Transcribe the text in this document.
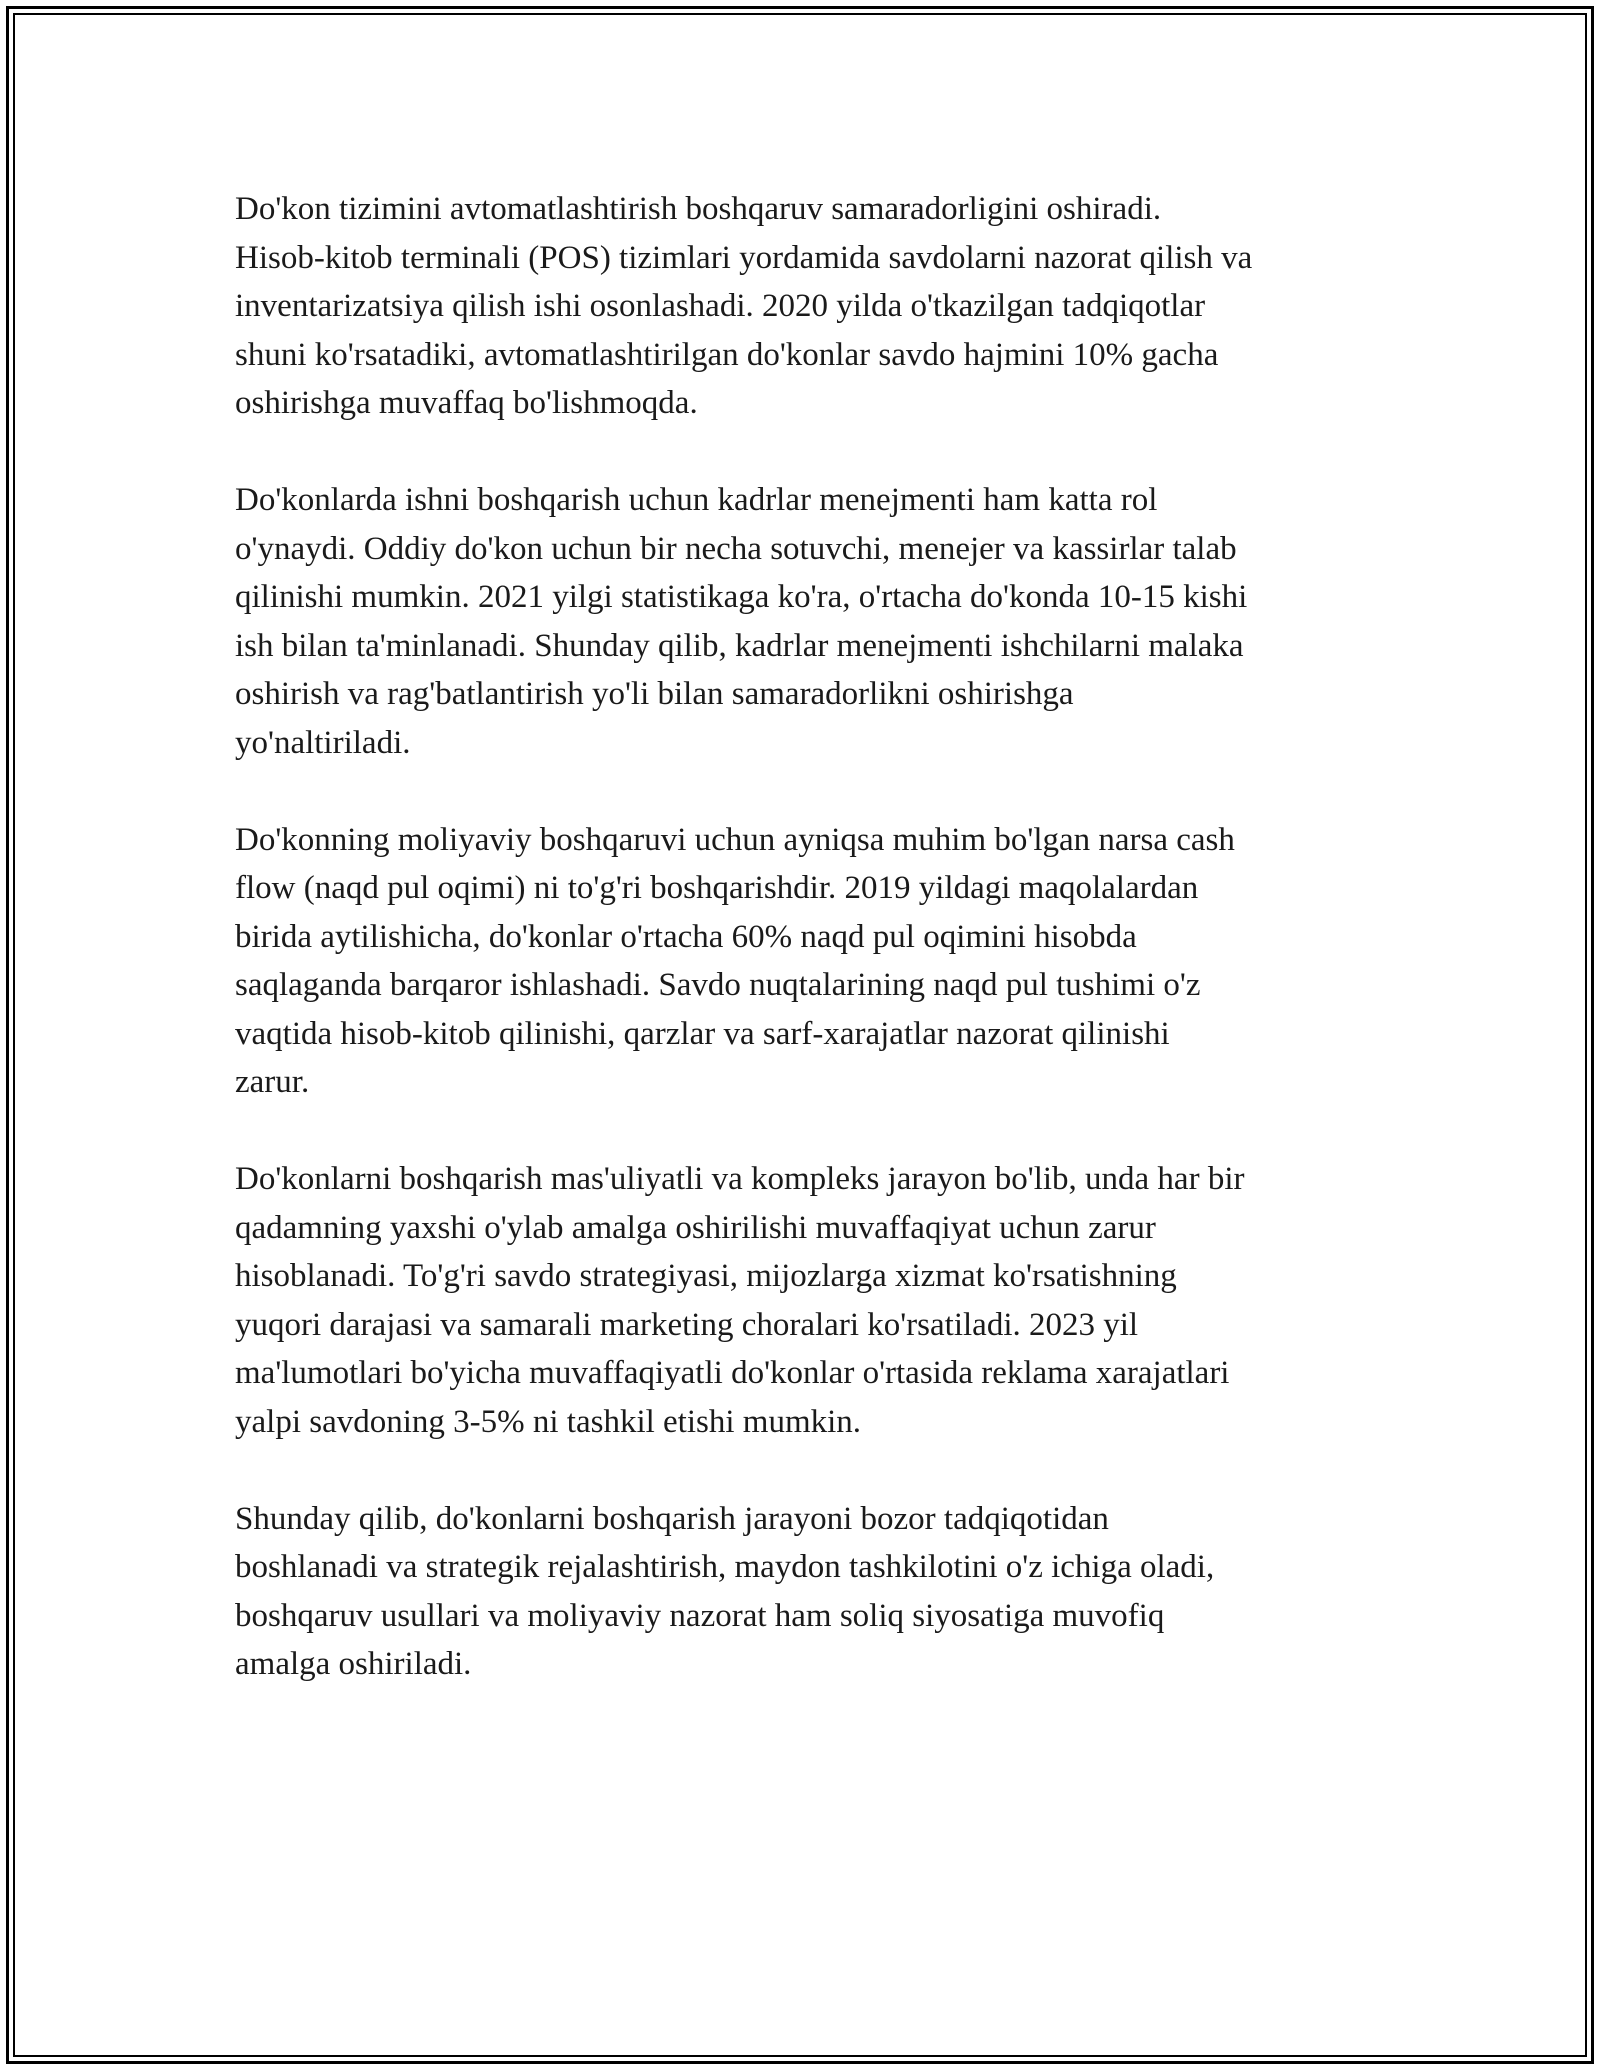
Do'kon tizimini avtomatlashtirish boshqaruv samaradorligini oshiradi.
Hisob-kitob terminali (POS) tizimlari yordamida savdolarni nazorat qilish va
inventarizatsiya qilish ishi osonlashadi. 2020 yilda o'tkazilgan tadqiqotlar
shuni ko'rsatadiki, avtomatlashtirilgan do'konlar savdo hajmini 10% gacha
oshirishga muvaffaq bo'lishmoqda.

Do'konlarda ishni boshqarish uchun kadrlar menejmenti ham katta rol
o'ynaydi. Oddiy do'kon uchun bir necha sotuvchi, menejer va kassirlar talab
qilinishi mumkin. 2021 yilgi statistikaga ko'ra, o'rtacha do'konda 10-15 kishi
ish bilan ta'minlanadi. Shunday qilib, kadrlar menejmenti ishchilarni malaka
oshirish va rag'batlantirish yo'li bilan samaradorlikni oshirishga
yo'naltiriladi.

Do'konning moliyaviy boshqaruvi uchun ayniqsa muhim bo'lgan narsa cash
flow (naqd pul oqimi) ni to'g'ri boshqarishdir. 2019 yildagi maqolalardan
birida aytilishicha, do'konlar o'rtacha 60% naqd pul oqimini hisobda
saqlaganda barqaror ishlashadi. Savdo nuqtalarining naqd pul tushimi o'z
vaqtida hisob-kitob qilinishi, qarzlar va sarf-xarajatlar nazorat qilinishi
zarur.

Do'konlarni boshqarish mas'uliyatli va kompleks jarayon bo'lib, unda har bir
qadamning yaxshi o'ylab amalga oshirilishi muvaffaqiyat uchun zarur
hisoblanadi. To'g'ri savdo strategiyasi, mijozlarga xizmat ko'rsatishning
yuqori darajasi va samarali marketing choralari ko'rsatiladi. 2023 yil
ma'lumotlari bo'yicha muvaffaqiyatli do'konlar o'rtasida reklama xarajatlari
yalpi savdoning 3-5% ni tashkil etishi mumkin.

Shunday qilib, do'konlarni boshqarish jarayoni bozor tadqiqotidan
boshlanadi va strategik rejalashtirish, maydon tashkilotini o'z ichiga oladi,
boshqaruv usullari va moliyaviy nazorat ham soliq siyosatiga muvofiq
amalga oshiriladi.
